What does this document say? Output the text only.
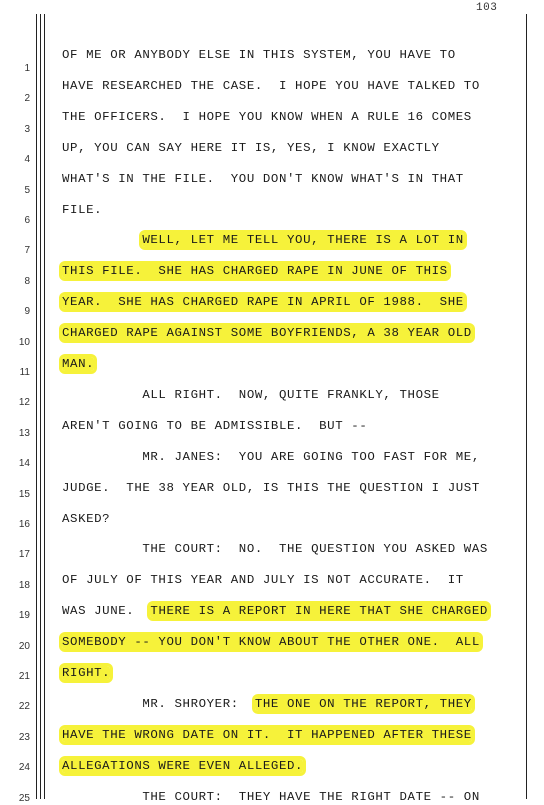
103
1
2
3
4
5
6
7
8
9
10
11
12
13
14
15
16
17
18
19
20
21
22
23
24
25
OF ME OR ANYBODY ELSE IN THIS SYSTEM, YOU HAVE TO
HAVE RESEARCHED THE CASE.  I HOPE YOU HAVE TALKED TO
THE OFFICERS.  I HOPE YOU KNOW WHEN A RULE 16 COMES
UP, YOU CAN SAY HERE IT IS, YES, I KNOW EXACTLY
WHAT'S IN THE FILE.  YOU DON'T KNOW WHAT'S IN THAT
FILE.
WELL, LET ME TELL YOU, THERE IS A LOT IN
THIS FILE.  SHE HAS CHARGED RAPE IN JUNE OF THIS
YEAR.  SHE HAS CHARGED RAPE IN APRIL OF 1988.  SHE
CHARGED RAPE AGAINST SOME BOYFRIENDS, A 38 YEAR OLD
MAN.
ALL RIGHT.  NOW, QUITE FRANKLY, THOSE
AREN'T GOING TO BE ADMISSIBLE.  BUT --
MR. JANES:  YOU ARE GOING TOO FAST FOR ME,
JUDGE.  THE 38 YEAR OLD, IS THIS THE QUESTION I JUST
ASKED?
THE COURT:  NO.  THE QUESTION YOU ASKED WAS
OF JULY OF THIS YEAR AND JULY IS NOT ACCURATE.  IT
WAS JUNE.  THERE IS A REPORT IN HERE THAT SHE CHARGED
SOMEBODY -- YOU DON'T KNOW ABOUT THE OTHER ONE.  ALL
RIGHT.
MR. SHROYER:  THE ONE ON THE REPORT, THEY
HAVE THE WRONG DATE ON IT.  IT HAPPENED AFTER THESE
ALLEGATIONS WERE EVEN ALLEGED.
THE COURT:  THEY HAVE THE RIGHT DATE -- ON
